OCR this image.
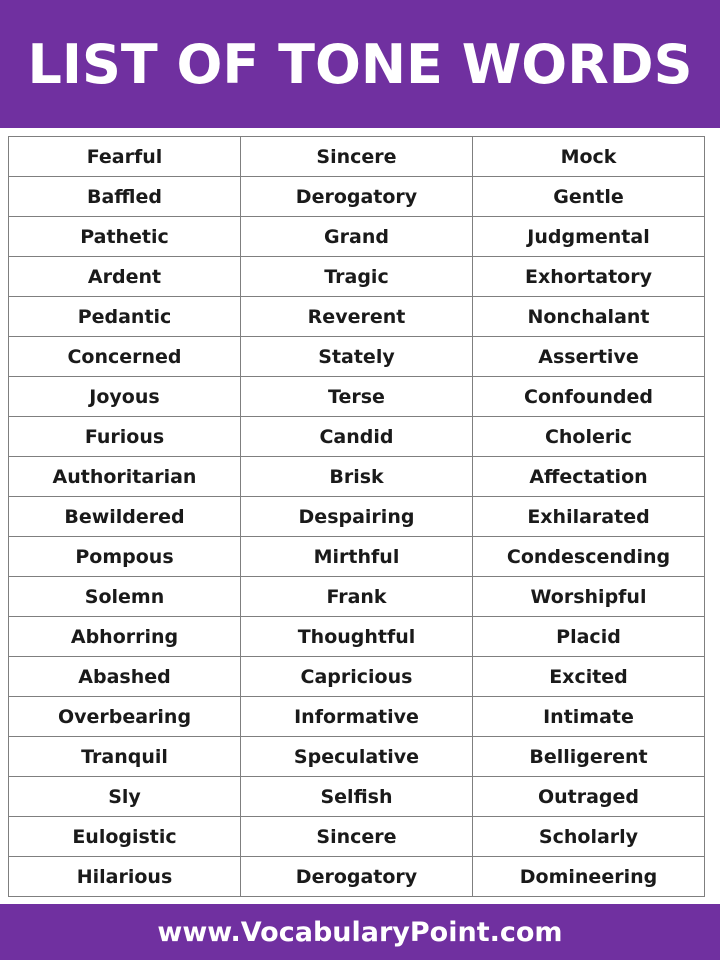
LIST OF TONE WORDS
Fearful	Sincere	Mock
Baffled	Derogatory	Gentle
Pathetic	Grand	Judgmental
Ardent	Tragic	Exhortatory
Pedantic	Reverent	Nonchalant
Concerned	Stately	Assertive
Joyous	Terse	Confounded
Furious	Candid	Choleric
Authoritarian	Brisk	Affectation
Bewildered	Despairing	Exhilarated
Pompous	Mirthful	Condescending
Solemn	Frank	Worshipful
Abhorring	Thoughtful	Placid
Abashed	Capricious	Excited
Overbearing	Informative	Intimate
Tranquil	Speculative	Belligerent
Sly	Selfish	Outraged
Eulogistic	Sincere	Scholarly
Hilarious	Derogatory	Domineering
www.VocabularyPoint.com
